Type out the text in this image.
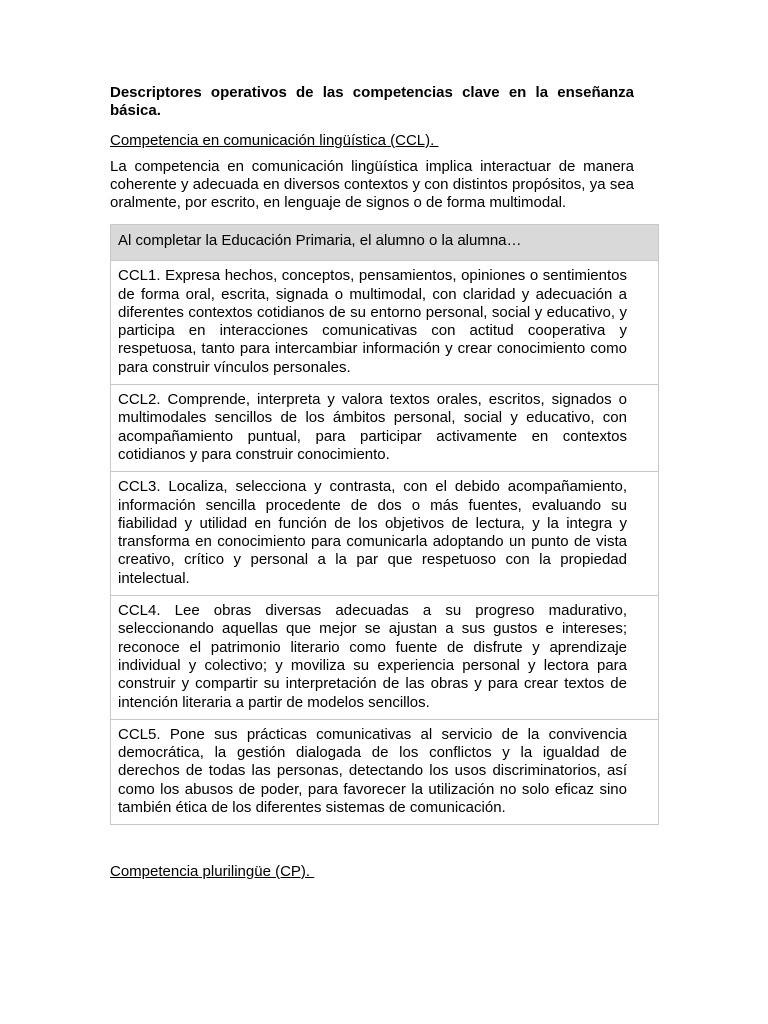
Descriptores operativos de las competencias clave en la enseñanza básica.

Competencia en comunicación lingüística (CCL).

La competencia en comunicación lingüística implica interactuar de manera coherente y adecuada en diversos contextos y con distintos propósitos, ya sea oralmente, por escrito, en lenguaje de signos o de forma multimodal.

Al completar la Educación Primaria, el alumno o la alumna…
CCL1. Expresa hechos, conceptos, pensamientos, opiniones o sentimientos de forma oral, escrita, signada o multimodal, con claridad y adecuación a diferentes contextos cotidianos de su entorno personal, social y educativo, y participa en interacciones comunicativas con actitud cooperativa y respetuosa, tanto para intercambiar información y crear conocimiento como para construir vínculos personales.
CCL2. Comprende, interpreta y valora textos orales, escritos, signados o multimodales sencillos de los ámbitos personal, social y educativo, con acompañamiento puntual, para participar activamente en contextos cotidianos y para construir conocimiento.
CCL3. Localiza, selecciona y contrasta, con el debido acompañamiento, información sencilla procedente de dos o más fuentes, evaluando su fiabilidad y utilidad en función de los objetivos de lectura, y la integra y transforma en conocimiento para comunicarla adoptando un punto de vista creativo, crítico y personal a la par que respetuoso con la propiedad intelectual.
CCL4. Lee obras diversas adecuadas a su progreso madurativo, seleccionando aquellas que mejor se ajustan a sus gustos e intereses; reconoce el patrimonio literario como fuente de disfrute y aprendizaje individual y colectivo; y moviliza su experiencia personal y lectora para construir y compartir su interpretación de las obras y para crear textos de intención literaria a partir de modelos sencillos.
CCL5. Pone sus prácticas comunicativas al servicio de la convivencia democrática, la gestión dialogada de los conflictos y la igualdad de derechos de todas las personas, detectando los usos discriminatorios, así como los abusos de poder, para favorecer la utilización no solo eficaz sino también ética de los diferentes sistemas de comunicación.

Competencia plurilingüe (CP).
